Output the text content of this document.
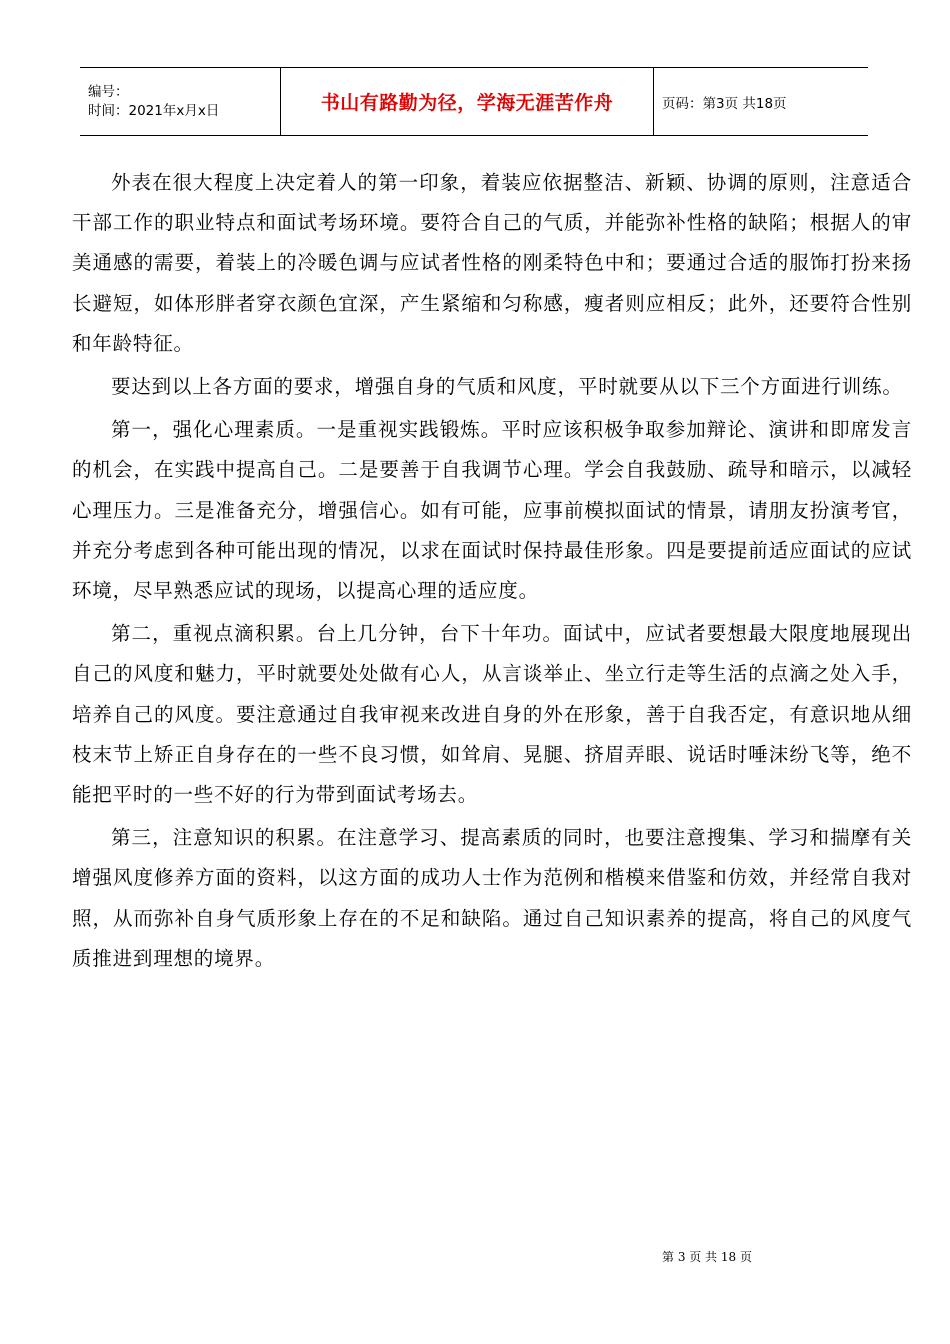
编号：
时间：2021年x月x日	书山有路勤为径，学海无涯苦作舟	页码：第3页 共18页

外表在很大程度上决定着人的第一印象，着装应依据整洁、新颖、协调的原则，注意适合干部工作的职业特点和面试考场环境。要符合自己的气质，并能弥补性格的缺陷；根据人的审美通感的需要，着装上的冷暖色调与应试者性格的刚柔特色中和；要通过合适的服饰打扮来扬长避短，如体形胖者穿衣颜色宜深，产生紧缩和匀称感，瘦者则应相反；此外，还要符合性别和年龄特征。

要达到以上各方面的要求，增强自身的气质和风度，平时就要从以下三个方面进行训练。

第一，强化心理素质。一是重视实践锻炼。平时应该积极争取参加辩论、演讲和即席发言的机会，在实践中提高自己。二是要善于自我调节心理。学会自我鼓励、疏导和暗示，以减轻心理压力。三是准备充分，增强信心。如有可能，应事前模拟面试的情景，请朋友扮演考官，并充分考虑到各种可能出现的情况，以求在面试时保持最佳形象。四是要提前适应面试的应试环境，尽早熟悉应试的现场，以提高心理的适应度。

第二，重视点滴积累。台上几分钟，台下十年功。面试中，应试者要想最大限度地展现出自己的风度和魅力，平时就要处处做有心人，从言谈举止、坐立行走等生活的点滴之处入手，培养自己的风度。要注意通过自我审视来改进自身的外在形象，善于自我否定，有意识地从细枝末节上矫正自身存在的一些不良习惯，如耸肩、晃腿、挤眉弄眼、说话时唾沫纷飞等，绝不能把平时的一些不好的行为带到面试考场去。

第三，注意知识的积累。在注意学习、提高素质的同时，也要注意搜集、学习和揣摩有关增强风度修养方面的资料，以这方面的成功人士作为范例和楷模来借鉴和仿效，并经常自我对照，从而弥补自身气质形象上存在的不足和缺陷。通过自己知识素养的提高，将自己的风度气质推进到理想的境界。

第 3 页 共 18 页
